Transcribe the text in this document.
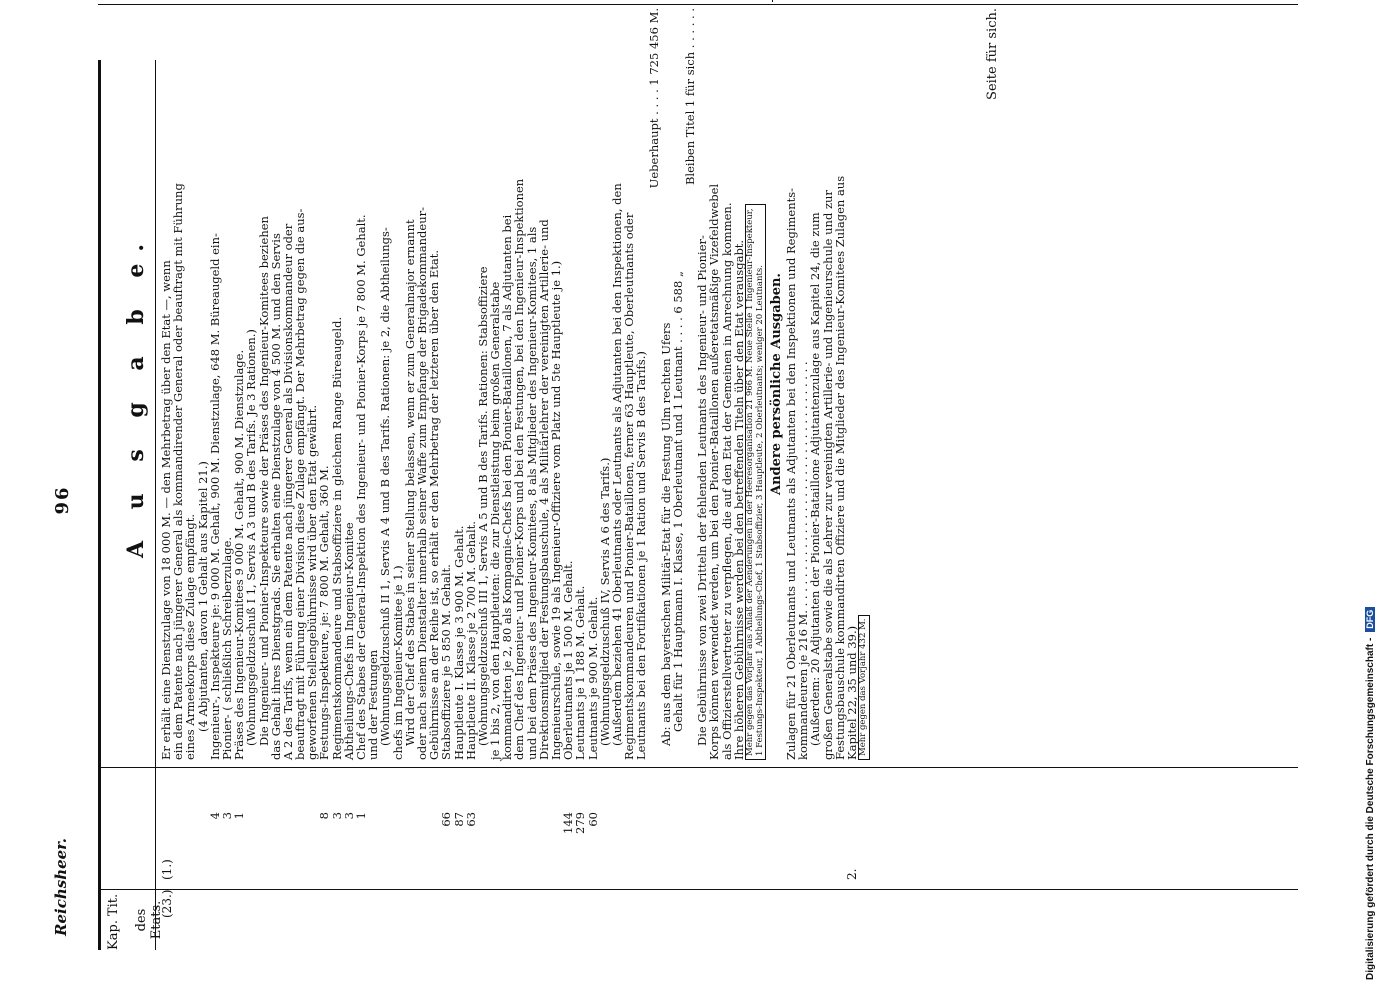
Reichsheer.
96
Kap.
Tit.
des Etats.
A u s g a b e.
(23.)
(1.)	2.
Er erhält eine Dienstzulage von 18 000 M. — den Mehrbetrag über den Etat —, wenn
ein dem Patente nach jüngerer General als kommandirender General oder beauftragt mit Führung
eines Armeekorps diese Zulage empfängt.
(4 Abjutanten, davon 1 Gehalt aus Kapitel 21.)
4
Ingenieur-, Inspekteure je: 9 000 M. Gehalt, 900 M. Dienstzulage, 648 M. Büreaugeld ein-
3
Pionier- ( schließlich Schreiberzulage.
1
Präses des Ingenieur-Komitees 9 000 M. Gehalt, 900 M. Dienstzulage.
(Wohnungsgeldzuschuß I 1, Servis A 3 und B des Tarifs. Je 3 Rationen.)
Die Ingenieur- und Pionier-Inspekteure sowie der Präses des Ingenieur-Komitees beziehen
das Gehalt ihres Dienstgrads. Sie erhalten eine Dienstzulage von 4 500 M. und den Servis
A 2 des Tarifs, wenn ein dem Patente nach jüngerer General als Divisionskommandeur oder
beauftragt mit Führung einer Division diese Zulage empfängt. Der Mehrbetrag gegen die aus-
geworfenen Stellengebührnisse wird über den Etat gewährt.
8
Festungs-Inspekteure, je: 7 800 M. Gehalt, 360 M.
3
Regimentskommandeure und Stabsoffiziere in gleichem Range Büreaugeld.
3
Abtheilungs-Chefs im Ingenieur-Komitee
1
Chef des Stabes der General-Inspektion des Ingenieur- und Pionier-Korps je 7 800 M. Gehalt.
und der Festungen
(Wohnungsgeldzuschuß II 1, Servis A 4 und B des Tarifs. Rationen: je 2, die Abtheilungs-
chefs im Ingenieur-Komitee je 1.)
Wird der Chef des Stabes in seiner Stellung belassen, wenn er zum Generalmajor ernannt
oder nach seinem Dienstalter innerhalb seiner Waffe zum Empfange der Brigadekommandeur-
Gebührnisse an der Reihe ist, so erhält er den Mehrbetrag der letzteren über den Etat.
66
Stabsoffiziere je 5 850 M. Gehalt.
87
Hauptleute I. Klasse je 3 900 M. Gehalt.
63
Hauptleute II. Klasse je 2 700 M. Gehalt.
(Wohnungsgeldzuschuß III 1, Servis A 5 und B des Tarifs. Rationen: Stabsoffiziere
je 1 bis 2, von den Hauptleuten: die zur Dienstleistung beim großen Generalstabe
kommandirten je 2, 80 als Kompagnie-Chefs bei den Pionier-Bataillonen, 7 als Adjutanten bei
dem Chef des Ingenieur- und Pionier-Korps und bei den Festungen, bei den Ingenieur-Inspektionen
und bei dem Präses des Ingenieur-Komitees, 8 als Mitglieder des Ingenieur-Komitees, 1 als
Direktionsmitglied der Festungsbauschule, 4 als Militärlehrer der vereinigten Artillerie- und
Ingenieurschule, sowie 19 als Ingenieur-Offiziere vom Platz und 5te Hauptleute je 1.)
144
Oberleutnants je 1 500 M. Gehalt.
279
Leutnants je 1 188 M. Gehalt.
60
Leutnants je 900 M. Gehalt.
(Wohnungsgeldzuschuß IV, Servis A 6 des Tarifs.)
(Außerdem beziehen 41 Oberleutnants oder Leutnants als Adjutanten bei den Inspektionen, den
Regimentskommandeuren und Pionier-Bataillonen, ferner 63 Hauptleute, Oberleutnants oder
Leutnants bei den Fortifikationen je 1 Ration und Servis B des Tarifs.)
Ueberhaupt . . . . 1 725 456 M.
Ab: aus dem bayerischen Militär-Etat für die Festung Ulm rechten Ufers
Gehalt für 1 Hauptmann I. Klasse, 1 Oberleutnant und 1 Leutnant . . . . 6 588 „
Bleiben Titel 1 für sich . . . . . .
Die Gebührnisse von zwei Dritteln der fehlenden Leutnants des Ingenieur- und Pionier-
Korps können verwendet werden, um bei den Pionier-Bataillonen außeretatsmäßige Vizefeldwebel
als Offizierstellvertreter zu verpflegen, die auf den Etat der Gemeinen in Anrechnung kommen.
Ihre höheren Gebührnisse werden bei den betreffenden Titeln über den Etat verausgabt. Mehr gegen das Vorjahr aus Anlaß der Aenderungen in der Heeresorganisation 21 966 M. Neue Stelle 1 Ingenieur-Inspekteur, 1 Festungs-Inspekteur, 1 Abtheilungs-Chef, 1 Stabsoffizier, 3 Hauptleute, 2 Oberleutnants; weniger 20 Leutnants. Andere persönliche Ausgaben. Zulagen für 21 Oberleutnants und Leutnants als Adjutanten bei den Inspektionen und Regiments-
kommandeuren je 216 M. . . . . . . . . . . . . . . . . . . . . . . . . . . . . . . . . . .
(Außerdem: 20 Adjutanten der Pionier-Bataillone Adjutantenzulage aus Kapitel 24, die zum
großen Generalstabe sowie die als Lehrer zur vereinigten Artillerie- und Ingenieurschule und zur
Festungsbauschule kommandirten Offiziere und die Mitglieder des Ingenieur-Komitees Zulagen aus
Kapitel 22, 35 und 39.) Mehr gegen das Vorjahr 432 M.
Seite für sich.
Digitalisierung gefördert durch die Deutsche Forschungsgemeinschaft -DFG
